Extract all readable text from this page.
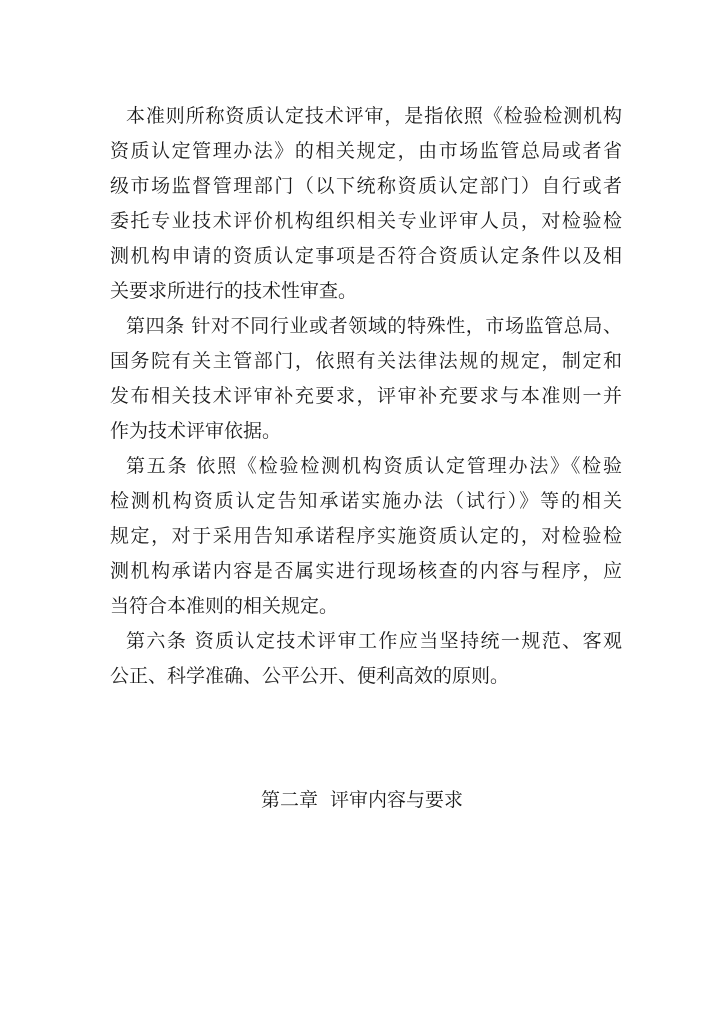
本准则所称资质认定技术评审，是指依照《检验检测机构
资质认定管理办法》的相关规定，由市场监管总局或者省
级市场监督管理部门（以下统称资质认定部门）自行或者
委托专业技术评价机构组织相关专业评审人员，对检验检
测机构申请的资质认定事项是否符合资质认定条件以及相
关要求所进行的技术性审查。
第四条 针对不同行业或者领域的特殊性，市场监管总局、
国务院有关主管部门，依照有关法律法规的规定，制定和
发布相关技术评审补充要求，评审补充要求与本准则一并
作为技术评审依据。
第五条 依照《检验检测机构资质认定管理办法》《检验
检测机构资质认定告知承诺实施办法（试行）》等的相关
规定，对于采用告知承诺程序实施资质认定的，对检验检
测机构承诺内容是否属实进行现场核查的内容与程序，应
当符合本准则的相关规定。
第六条 资质认定技术评审工作应当坚持统一规范、客观
公正、科学准确、公平公开、便利高效的原则。
第二章  评审内容与要求
